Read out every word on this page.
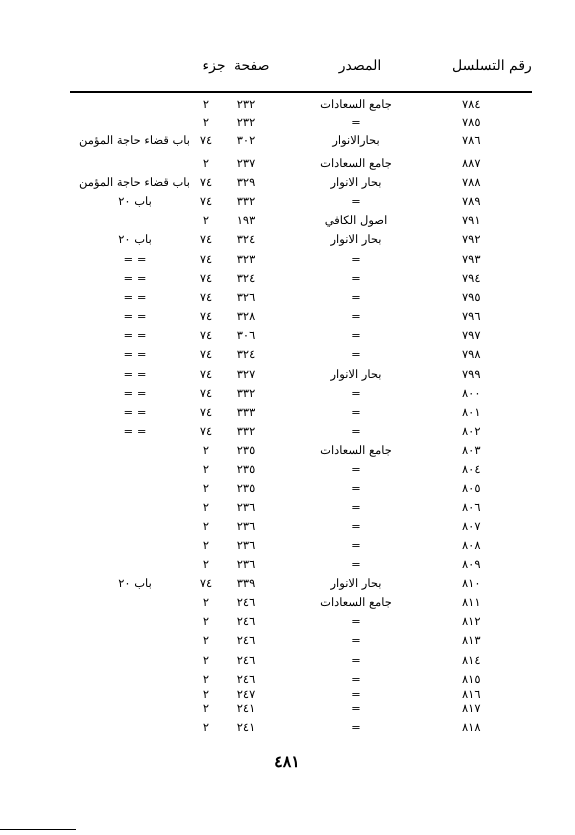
رقم التسلسل
المصدر
صفحة
جزء
٧٨٤
جامع السعادات
٢٣٢
٢
٧٨٥
=
٢٣٢
٢
٧٨٦
بحارالانوار
٣٠٢
٧٤
باب قضاء حاجة المؤمن
٨٨٧
جامع السعادات
٢٣٧
٢
٧٨٨
بحار الانوار
٣٢٩
٧٤
باب قضاء حاجة المؤمن
٧٨٩
=
٣٣٢
٧٤
باب ٢٠
٧٩١
اصول الكافي
١٩٣
٢
٧٩٢
بحار الانوار
٣٢٤
٧٤
باب ٢٠
٧٩٣
=
٣٢٣
٧٤
= =
٧٩٤
=
٣٢٤
٧٤
= =
٧٩٥
=
٣٢٦
٧٤
= =
٧٩٦
=
٣٢٨
٧٤
= =
٧٩٧
=
٣٠٦
٧٤
= =
٧٩٨
=
٣٢٤
٧٤
= =
٧٩٩
بحار الانوار
٣٢٧
٧٤
= =
٨٠٠
=
٣٣٢
٧٤
= =
٨٠١
=
٣٣٣
٧٤
= =
٨٠٢
=
٣٣٢
٧٤
= =
٨٠٣
جامع السعادات
٢٣٥
٢
٨٠٤
=
٢٣٥
٢
٨٠٥
=
٢٣٥
٢
٨٠٦
=
٢٣٦
٢
٨٠٧
=
٢٣٦
٢
٨٠٨
=
٢٣٦
٢
٨٠٩
=
٢٣٦
٢
٨١٠
بحار الانوار
٣٣٩
٧٤
باب ٢٠
٨١١
جامع السعادات
٢٤٦
٢
٨١٢
=
٢٤٦
٢
٨١٣
=
٢٤٦
٢
٨١٤
=
٢٤٦
٢
٨١٥
=
٢٤٦
٢
٨١٦
=
٢٤٧
٢
٨١٧
=
٢٤١
٢
٨١٨
=
٢٤١
٢
٤٨١
